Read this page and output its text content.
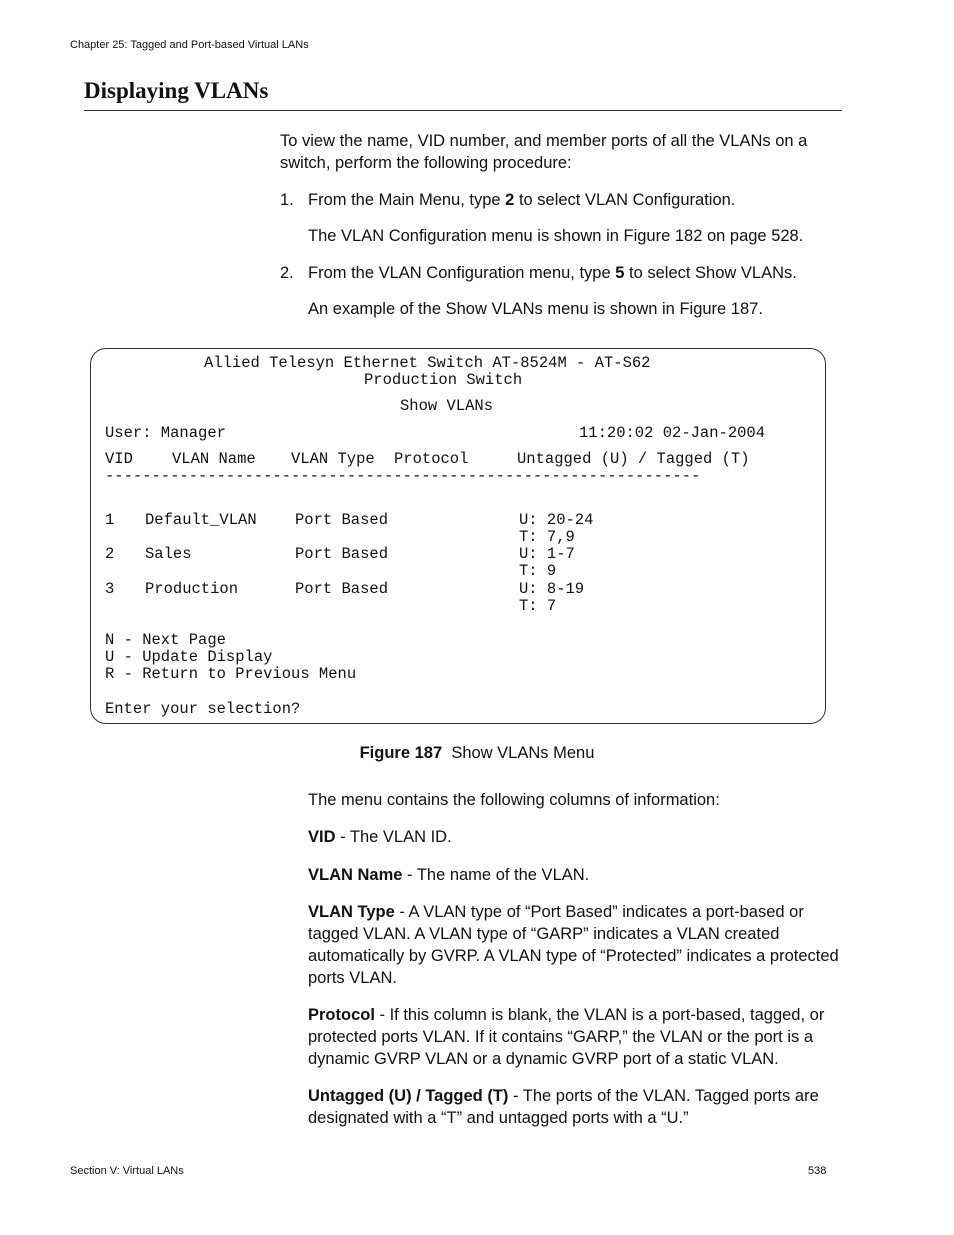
Chapter 25: Tagged and Port-based Virtual LANs
Displaying VLANs
To view the name, VID number, and member ports of all the VLANs on a switch, perform the following procedure:
1. From the Main Menu, type 2 to select VLAN Configuration.
The VLAN Configuration menu is shown in Figure 182 on page 528.
2. From the VLAN Configuration menu, type 5 to select Show VLANs.
An example of the Show VLANs menu is shown in Figure 187.
Allied Telesyn Ethernet Switch AT-8524M - AT-S62
Production Switch
Show VLANs
User: Manager	11:20:02 02-Jan-2004
VID	VLAN Name VLAN Type Protocol	Untagged (U) / Tagged (T)
----------------------------------------------------------------
1 Default_VLAN Port Based	U: 20-24
T: 7,9
2 Sales	Port Based	U: 1-7
T: 9
3 Production	Port Based	U: 8-19
T: 7
N - Next Page
U - Update Display
R - Return to Previous Menu
Enter your selection?
Figure 187 Show VLANs Menu
The menu contains the following columns of information:
VID - The VLAN ID.
VLAN Name - The name of the VLAN.
VLAN Type - A VLAN type of “Port Based” indicates a port-based or tagged VLAN. A VLAN type of “GARP” indicates a VLAN created automatically by GVRP. A VLAN type of “Protected” indicates a protected ports VLAN.
Protocol - If this column is blank, the VLAN is a port-based, tagged, or protected ports VLAN. If it contains “GARP,” the VLAN or the port is a dynamic GVRP VLAN or a dynamic GVRP port of a static VLAN.
Untagged (U) / Tagged (T) - The ports of the VLAN. Tagged ports are designated with a “T” and untagged ports with a “U.”
Section V: Virtual LANs	538
